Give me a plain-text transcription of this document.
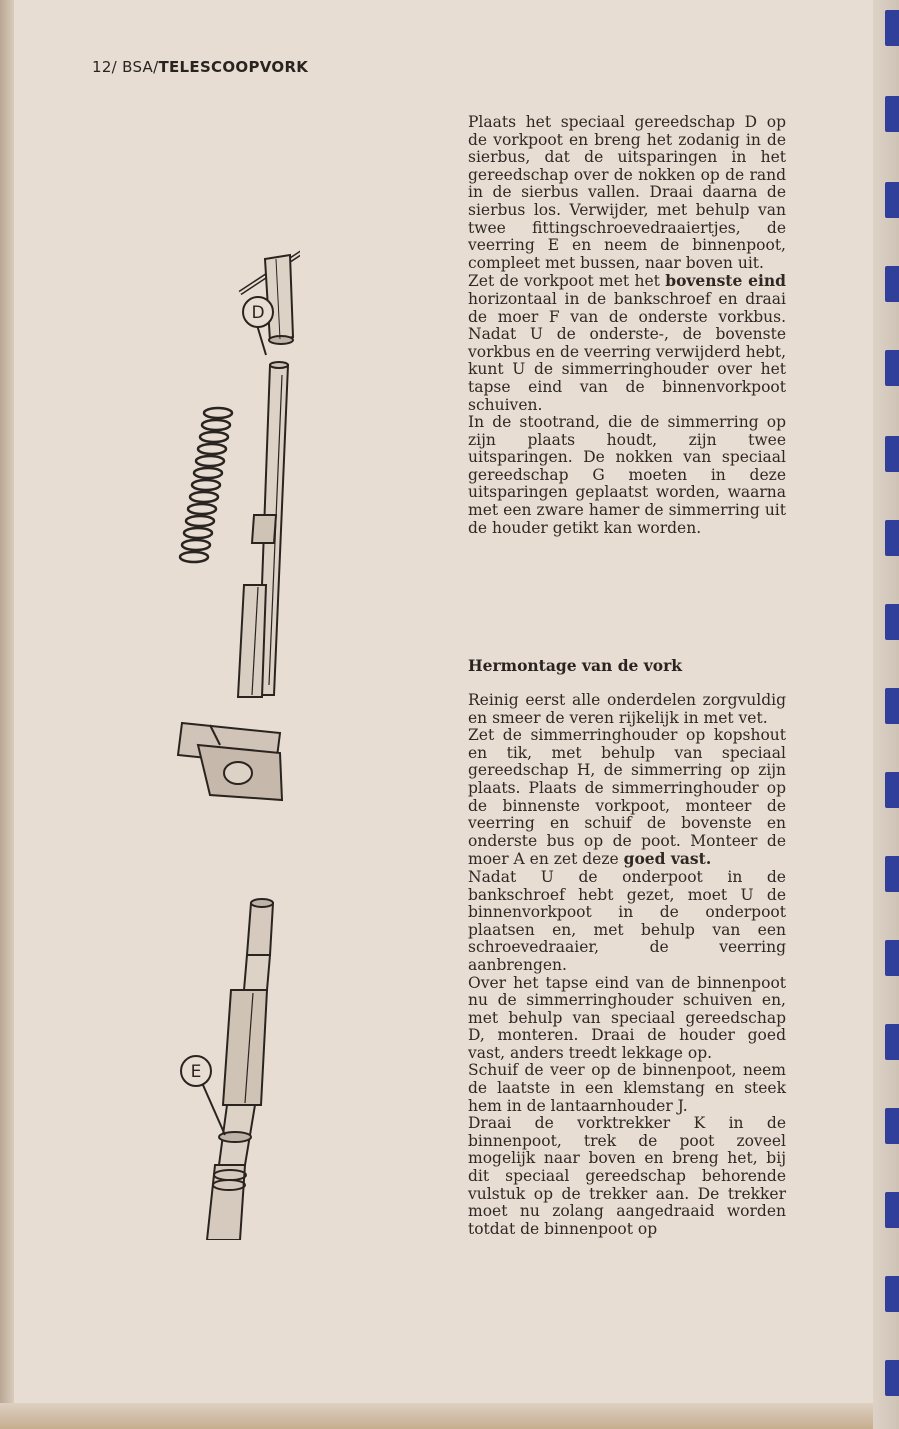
12/ BSA/TELESCOOPVORK
D
E

Plaats het speciaal gereedschap D op de vorkpoot en breng het zodanig in de sierbus, dat de uitsparingen in het gereedschap over de nokken op de rand in de sierbus vallen. Draai daarna de sierbus los. Verwijder, met behulp van twee fittingschroevedraaiertjes, de veerring E en neem de binnenpoot, compleet met bussen, naar boven uit.

Zet de vorkpoot met het bovenste eind horizontaal in de bankschroef en draai de moer F van de onderste vorkbus. Nadat U de onderste-, de bovenste vorkbus en de veerring verwijderd hebt, kunt U de simmerringhouder over het tapse eind van de binnenvorkpoot schuiven.

In de stootrand, die de simmerring op zijn plaats houdt, zijn twee uitsparingen. De nokken van speciaal gereedschap G moeten in deze uitsparingen geplaatst worden, waarna met een zware hamer de simmerring uit de houder getikt kan worden.

Hermontage van de vork

Reinig eerst alle onderdelen zorgvuldig en smeer de veren rijkelijk in met vet.

Zet de simmerringhouder op kopshout en tik, met behulp van speciaal gereedschap H, de simmerring op zijn plaats. Plaats de simmerringhouder op de binnenste vorkpoot, monteer de veerring en schuif de bovenste en onderste bus op de poot. Monteer de moer A en zet deze goed vast.

Nadat U de onderpoot in de bankschroef hebt gezet, moet U de binnenvorkpoot in de onderpoot plaatsen en, met behulp van een schroevedraaier, de veerring aanbrengen.

Over het tapse eind van de binnenpoot nu de simmerringhouder schuiven en, met behulp van speciaal gereedschap D, monteren. Draai de houder goed vast, anders treedt lekkage op.

Schuif de veer op de binnenpoot, neem de laatste in een klemstang en steek hem in de lantaarnhouder J.

Draai de vorktrekker K in de binnenpoot, trek de poot zoveel mogelijk naar boven en breng het, bij dit speciaal gereedschap behorende vulstuk op de trekker aan. De trekker moet nu zolang aangedraaid worden totdat de binnenpoot op
